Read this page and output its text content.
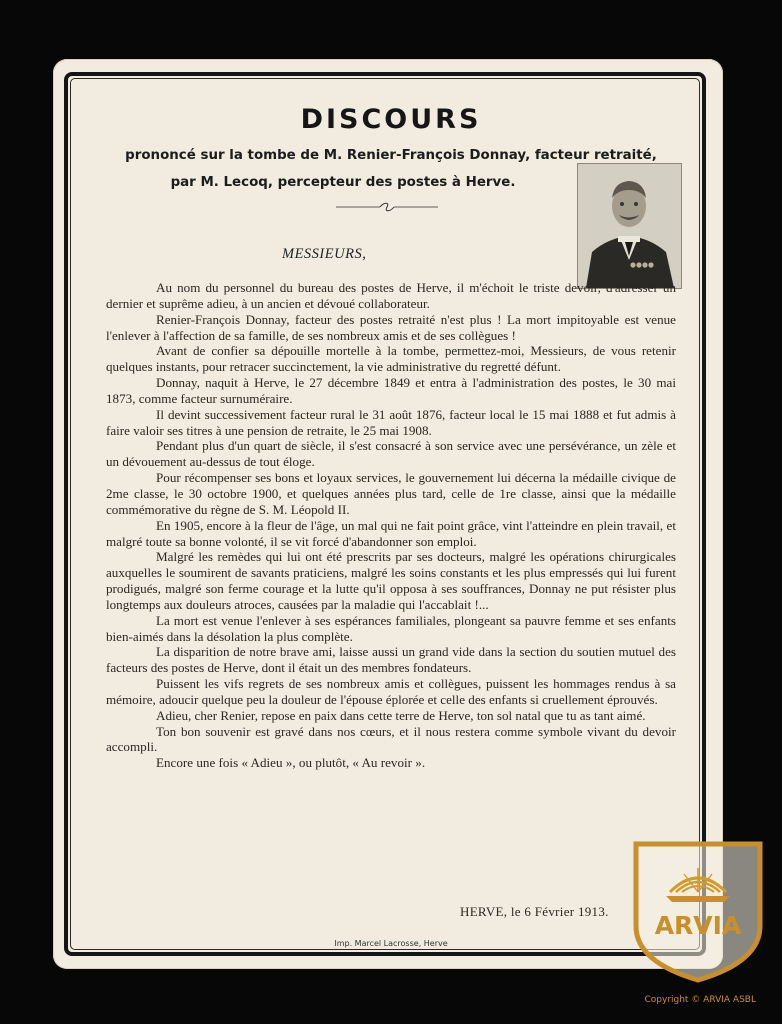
DISCOURS
prononcé sur la tombe de M. Renier-François Donnay, facteur retraité,
par M. Lecoq, percepteur des postes à Herve.
MESSIEURS,

Au nom du personnel du bureau des postes de Herve, il m'échoit le triste devoir, d'adresser un dernier et suprême adieu, à un ancien et dévoué collaborateur.

Renier-François Donnay, facteur des postes retraité n'est plus ! La mort impitoyable est venue l'enlever à l'affection de sa famille, de ses nombreux amis et de ses collègues !

Avant de confier sa dépouille mortelle à la tombe, permettez-moi, Messieurs, de vous retenir quelques instants, pour retracer succinctement, la vie administrative du regretté défunt.

Donnay, naquit à Herve, le 27 décembre 1849 et entra à l'administration des postes, le 30 mai 1873, comme facteur surnuméraire.

Il devint successivement facteur rural le 31 août 1876, facteur local le 15 mai 1888 et fut admis à faire valoir ses titres à une pension de retraite, le 25 mai 1908.

Pendant plus d'un quart de siècle, il s'est consacré à son service avec une persévérance, un zèle et un dévouement au-dessus de tout éloge.

Pour récompenser ses bons et loyaux services, le gouvernement lui décerna la médaille civique de 2me classe, le 30 octobre 1900, et quelques années plus tard, celle de 1re classe, ainsi que la médaille commémorative du règne de S. M. Léopold II.

En 1905, encore à la fleur de l'âge, un mal qui ne fait point grâce, vint l'atteindre en plein travail, et malgré toute sa bonne volonté, il se vit forcé d'abandonner son emploi.

Malgré les remèdes qui lui ont été prescrits par ses docteurs, malgré les opérations chirurgicales auxquelles le soumirent de savants praticiens, malgré les soins constants et les plus empressés qui lui furent prodigués, malgré son ferme courage et la lutte qu'il opposa à ses souffrances, Donnay ne put résister plus longtemps aux douleurs atroces, causées par la maladie qui l'accablait !...

La mort est venue l'enlever à ses espérances familiales, plongeant sa pauvre femme et ses enfants bien-aimés dans la désolation la plus complète.

La disparition de notre brave ami, laisse aussi un grand vide dans la section du soutien mutuel des facteurs des postes de Herve, dont il était un des membres fondateurs.

Puissent les vifs regrets de ses nombreux amis et collègues, puissent les hommages rendus à sa mémoire, adoucir quelque peu la douleur de l'épouse éplorée et celle des enfants si cruellement éprouvés.

Adieu, cher Renier, repose en paix dans cette terre de Herve, ton sol natal que tu as tant aimé.

Ton bon souvenir est gravé dans nos cœurs, et il nous restera comme symbole vivant du devoir accompli.

Encore une fois « Adieu », ou plutôt, « Au revoir ».

HERVE, le 6 Février 1913.
Imp. Marcel Lacrosse, Herve
ARVIA
Copyright © ARVIA ASBL
